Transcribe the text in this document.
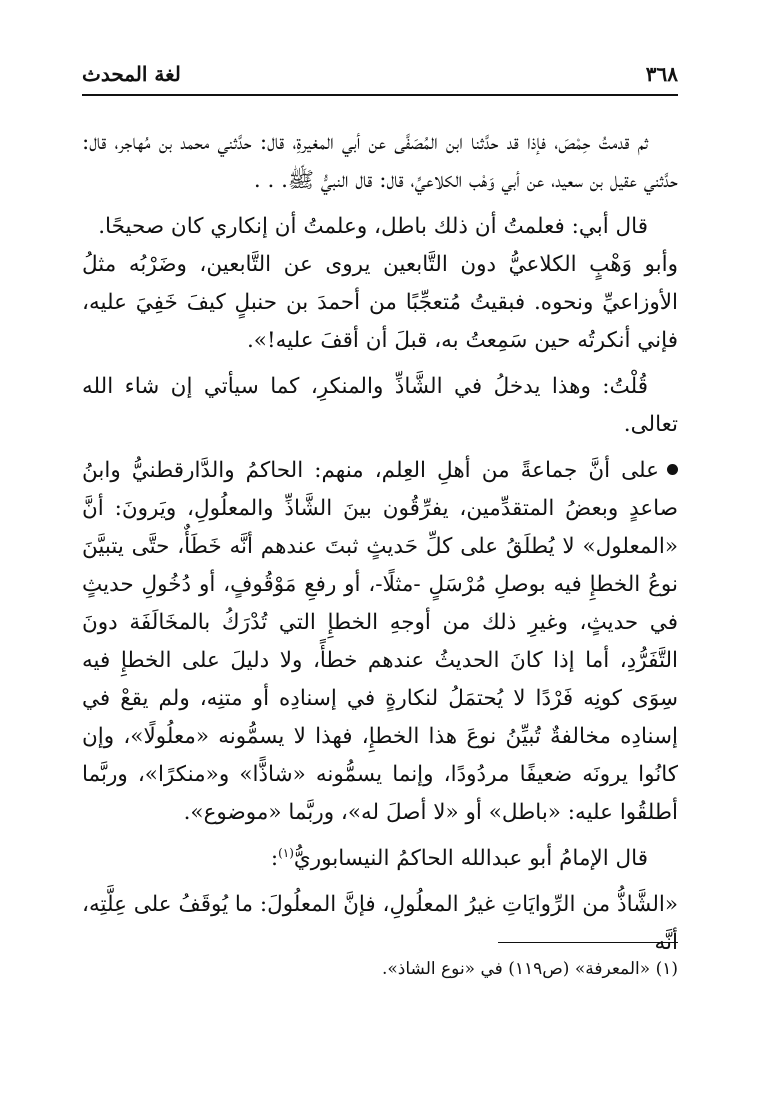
٣٦٨
لغة المحدث

ثم قدمتُ حِمْصَ، فإذا قد حدَّثنا ابن المُصَفَّى عن أبي المغيرةِ، قال: حدَّثني محمد بن مُهاجر، قال: حدَّثني عقيل بن سعيد، عن أبي وَهْب الكلاعيِّ، قال: قال النبيُّ ﷺ. . .

قال أبي: فعلمتُ أن ذلك باطل، وعلمتُ أن إنكاري كان صحيحًا.

وأبو وَهْبٍ الكلاعيُّ دون التَّابعين يروى عن التَّابعين، وضَرْبُه مثلُ الأوزاعيِّ ونحوه. فبقيتُ مُتعجِّبًا من أحمدَ بن حنبلٍ كيفَ خَفِيَ عليه، فإني أنكرتُه حين سَمِعتُ به، قبلَ أن أقفَ عليه!».

قُلْتُ: وهذا يدخلُ في الشَّاذِّ والمنكرِ، كما سيأتي إن شاء الله تعالى.

على أنَّ جماعةً من أهلِ العِلم، منهم: الحاكمُ والدَّارقطنيُّ وابنُ صاعدٍ وبعضُ المتقدِّمين، يفرِّقُون بينَ الشَّاذِّ والمعلُولِ، ويَرونَ: أنَّ «المعلول» لا يُطلَقُ على كلِّ حَديثٍ ثبتَ عندهم أنَّه خَطَأٌ، حتَّى يتبيَّنَ نوعُ الخطإِ فيه بوصلِ مُرْسَلٍ -مثلًا-، أو رفعِ مَوْقُوفٍ، أو دُخُولِ حديثٍ في حديثٍ، وغيرِ ذلك من أوجهِ الخطإِ التي تُدْرَكُ بالمخَالَفَة دونَ التَّفَرُّدِ، أما إذا كانَ الحديثُ عندهم خطأً، ولا دليلَ على الخطإِ فيه سِوَى كونِه فَرْدًا لا يُحتمَلُ لنكارةٍ في إسنادِه أو متنِه، ولم يقعْ في إسنادِه مخالفةٌ تُبيِّنُ نوعَ هذا الخطإِ، فهذا لا يسمُّونه «معلُولًا»، وإن كانُوا يرونَه ضعيفًا مردُودًا، وإنما يسمُّونه «شاذًّا» و«منكرًا»، وربَّما أطلقُوا عليه: «باطل» أو «لا أصلَ له»، وربَّما «موضوع».

قال الإمامُ أبو عبدالله الحاكمُ النيسابوريُّ$^{(١)}$:

«الشَّاذُّ من الرِّوايَاتِ غيرُ المعلُولِ، فإنَّ المعلُولَ: ما يُوقَفُ على عِلَّتِه، أنَّه

(١) «المعرفة» (ص١١٩) في «نوع الشاذ».
